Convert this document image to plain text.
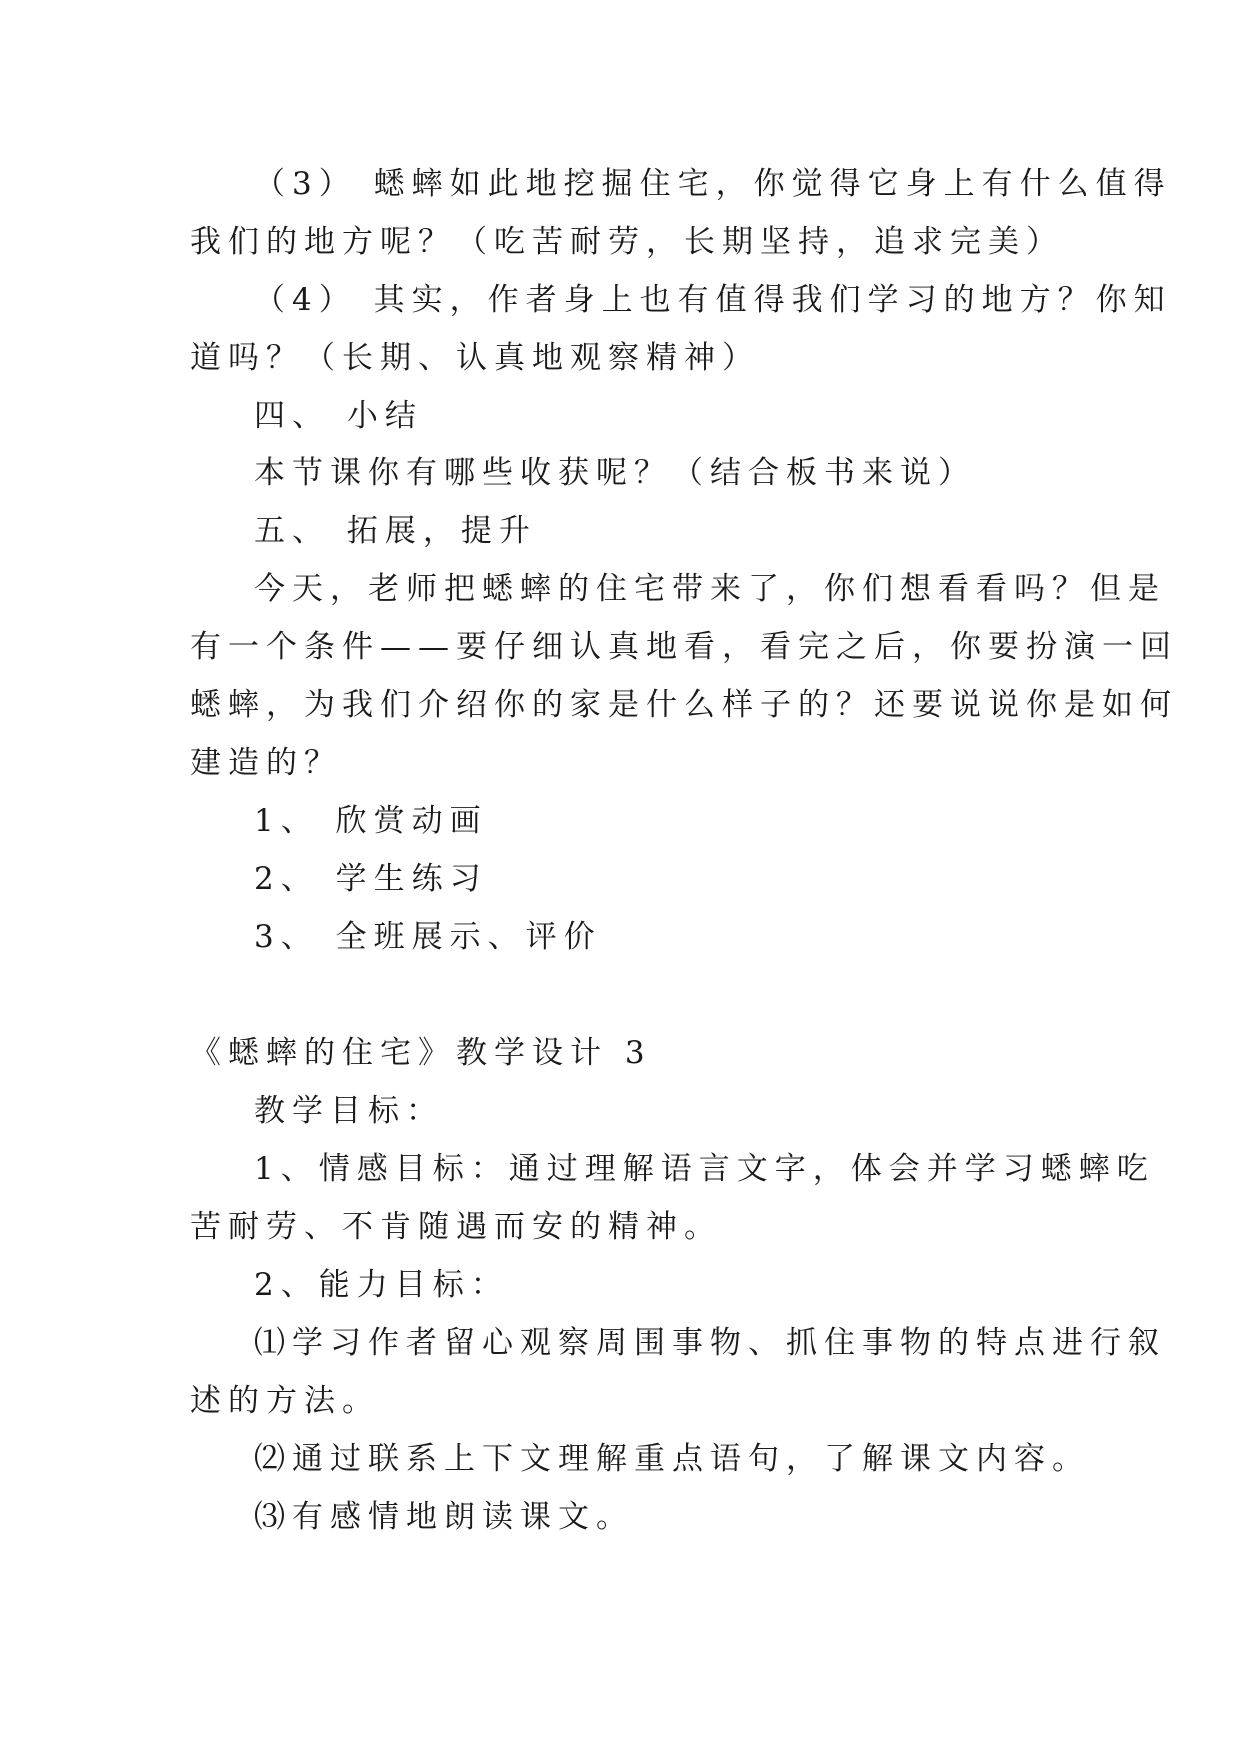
（3） 蟋蟀如此地挖掘住宅，你觉得它身上有什么值得
我们的地方呢？（吃苦耐劳，长期坚持，追求完美）
（4） 其实，作者身上也有值得我们学习的地方？你知
道吗？（长期、认真地观察精神）
四、 小结
本节课你有哪些收获呢？（结合板书来说）
五、 拓展，提升
今天，老师把蟋蟀的住宅带来了，你们想看看吗？但是
有一个条件——要仔细认真地看，看完之后，你要扮演一回
蟋蟀，为我们介绍你的家是什么样子的？还要说说你是如何
建造的？
1、 欣赏动画
2、 学生练习
3、 全班展示、评价
《蟋蟀的住宅》教学设计 3
教学目标：
1、情感目标：通过理解语言文字，体会并学习蟋蟀吃
苦耐劳、不肯随遇而安的精神。
2、能力目标：
⑴学习作者留心观察周围事物、抓住事物的特点进行叙
述的方法。
⑵通过联系上下文理解重点语句，了解课文内容。
⑶有感情地朗读课文。
